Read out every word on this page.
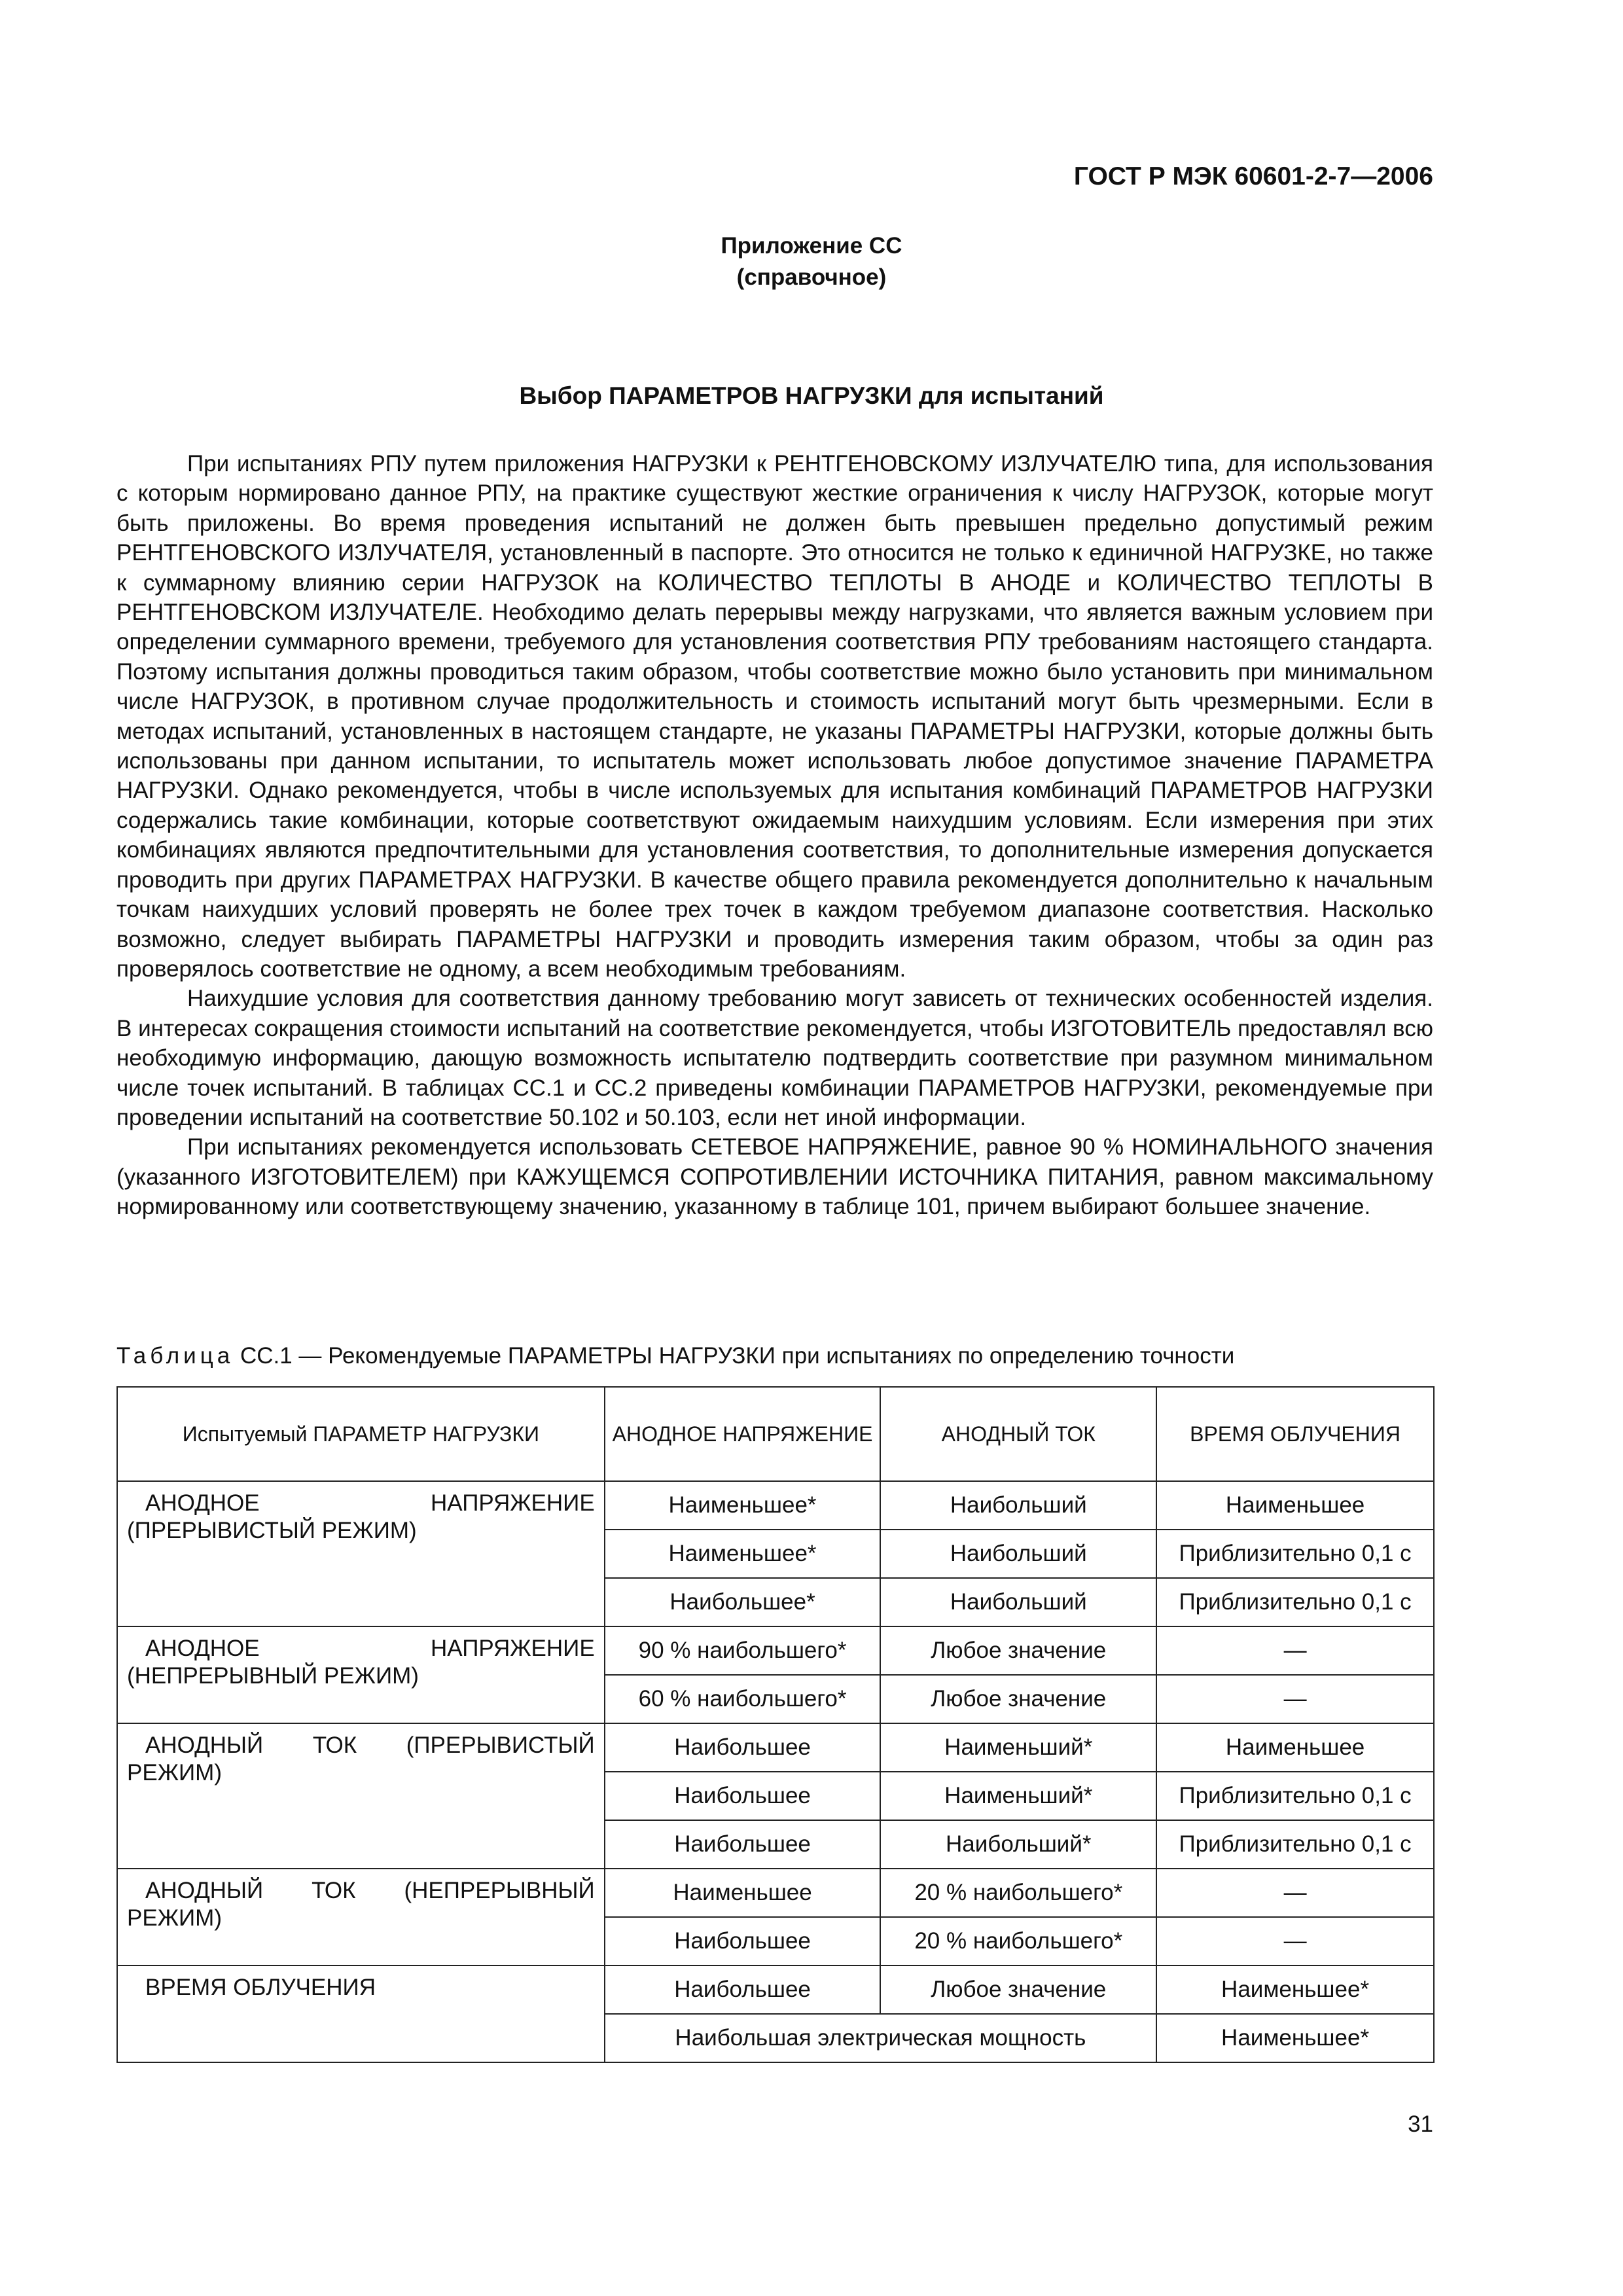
ГОСТ Р МЭК 60601-2-7—2006
Приложение СС
(справочное)
Выбор ПАРАМЕТРОВ НАГРУЗКИ для испытаний

При испытаниях РПУ путем приложения НАГРУЗКИ к РЕНТГЕНОВСКОМУ ИЗЛУЧАТЕЛЮ типа, для использования с которым нормировано данное РПУ, на практике существуют жесткие ограничения к числу НАГРУЗОК, которые могут быть приложены. Во время проведения испытаний не должен быть превышен предельно допустимый режим РЕНТГЕНОВСКОГО ИЗЛУЧАТЕЛЯ, установленный в паспорте. Это относится не только к единичной НАГРУЗКЕ, но также к суммарному влиянию серии НАГРУЗОК на КОЛИЧЕСТВО ТЕПЛОТЫ В АНОДЕ и КОЛИЧЕСТВО ТЕПЛОТЫ В РЕНТГЕНОВСКОМ ИЗЛУЧАТЕЛЕ. Необходимо делать перерывы между нагрузками, что является важным условием при определении суммарного времени, требуемого для установления соответствия РПУ требованиям настоящего стандарта. Поэтому испытания должны проводиться таким образом, чтобы соответствие можно было установить при минимальном числе НАГРУЗОК, в противном случае продолжительность и стоимость испытаний могут быть чрезмерными. Если в методах испытаний, установленных в настоящем стандарте, не указаны ПАРАМЕТРЫ НАГРУЗКИ, которые должны быть использованы при данном испытании, то испытатель может использовать любое допустимое значение ПАРАМЕТРА НАГРУЗКИ. Однако рекомендуется, чтобы в числе используемых для испытания комбинаций ПАРАМЕТРОВ НАГРУЗКИ содержались такие комбинации, которые соответствуют ожидаемым наихудшим условиям. Если измерения при этих комбинациях являются предпочтительными для установления соответствия, то дополнительные измерения допускается проводить при других ПАРАМЕТРАХ НАГРУЗКИ. В качестве общего правила рекомендуется дополнительно к начальным точкам наихудших условий проверять не более трех точек в каждом требуемом диапазоне соответствия. Насколько возможно, следует выбирать ПАРАМЕТРЫ НАГРУЗКИ и проводить измерения таким образом, чтобы за один раз проверялось соответствие не одному, а всем необходимым требованиям.

Наихудшие условия для соответствия данному требованию могут зависеть от технических особенностей изделия. В интересах сокращения стоимости испытаний на соответствие рекомендуется, чтобы ИЗГОТОВИТЕЛЬ предоставлял всю необходимую информацию, дающую возможность испытателю подтвердить соответствие при разумном минимальном числе точек испытаний. В таблицах СС.1 и СС.2 приведены комбинации ПАРАМЕТРОВ НАГРУЗКИ, рекомендуемые при проведении испытаний на соответствие 50.102 и 50.103, если нет иной информации.

При испытаниях рекомендуется использовать СЕТЕВОЕ НАПРЯЖЕНИЕ, равное 90 % НОМИНАЛЬНОГО значения (указанного ИЗГОТОВИТЕЛЕМ) при КАЖУЩЕМСЯ СОПРОТИВЛЕНИИ ИСТОЧНИКА ПИТАНИЯ, равном максимальному нормированному или соответствующему значению, указанному в таблице 101, причем выбирают большее значение.

Таблица СС.1 — Рекомендуемые ПАРАМЕТРЫ НАГРУЗКИ при испытаниях по определению точности
Испытуемый ПАРАМЕТР НАГРУЗКИ	АНОДНОЕ НАПРЯЖЕНИЕ	АНОДНЫЙ ТОК	ВРЕМЯ ОБЛУЧЕНИЯ
АНОДНОЕ НАПРЯЖЕНИЕ (ПРЕРЫВИСТЫЙ РЕЖИМ)	Наименьшее*	Наибольший	Наименьшее
	Наименьшее*	Наибольший	Приблизительно 0,1 с
	Наибольшее*	Наибольший	Приблизительно 0,1 с
АНОДНОЕ НАПРЯЖЕНИЕ (НЕПРЕРЫВНЫЙ РЕЖИМ)	90 % наибольшего*	Любое значение	—
	60 % наибольшего*	Любое значение	—
АНОДНЫЙ ТОК (ПРЕРЫВИСТЫЙ РЕЖИМ)	Наибольшее	Наименьший*	Наименьшее
	Наибольшее	Наименьший*	Приблизительно 0,1 с
	Наибольшее	Наибольший*	Приблизительно 0,1 с
АНОДНЫЙ ТОК (НЕПРЕРЫВНЫЙ РЕЖИМ)	Наименьшее	20 % наибольшего*	—
	Наибольшее	20 % наибольшего*	—
ВРЕМЯ ОБЛУЧЕНИЯ	Наибольшее	Любое значение	Наименьшее*
	Наибольшая электрическая мощность		Наименьшее*
31
